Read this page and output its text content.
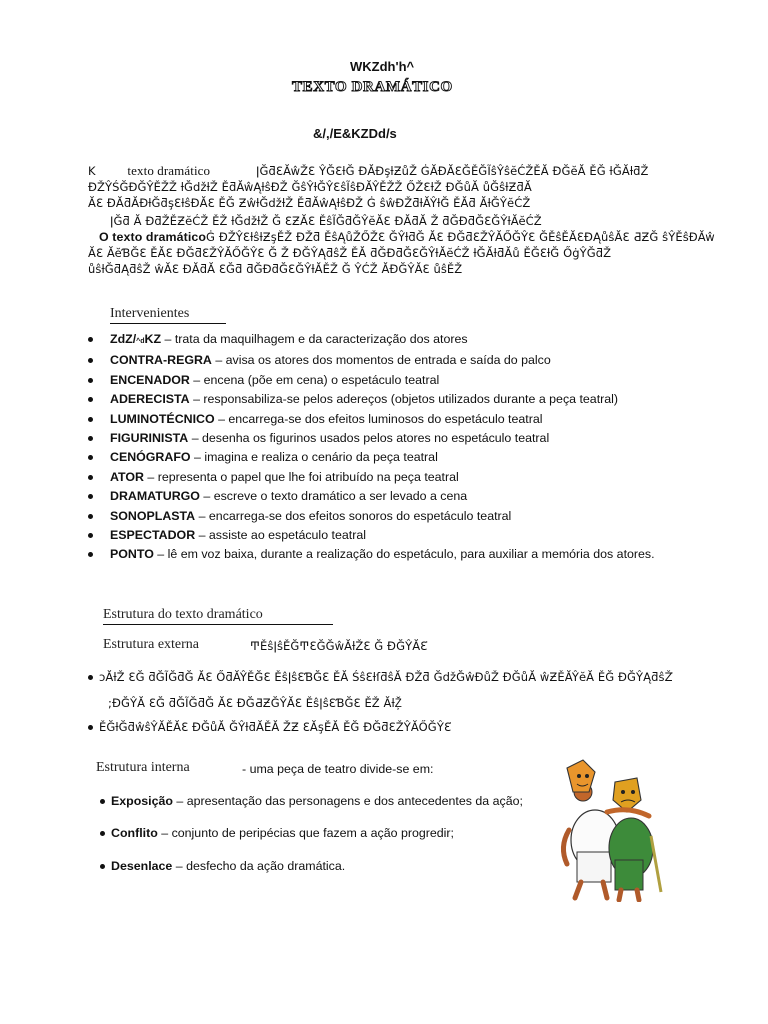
WKZdh'h^
TEXTO DRAMÁTICO
&/,/E&KZDd/s
K texto dramático	ǀĞƌƐĂŵŽƐ ŶĞƐƚĞ ĐĂƉşƚƵůŽ ĠĂƉĂƐĞĚĞĨŝŶŝĕĆŽĚĂ ƉĞĕĂ ĚĞ ƚĞĂƚƌŽ
ĐŽŶŚĞĐĞŶĚŽŽ ƚĞdžƚŽ ĚƌĂŵĄƚŝĐŽ ĞŝŶƚĞŶƐŝĨŝĐĂŶĚŽŽ ŐŽƐƚŽ ƉĞůĂ ůĞŝƚƵƌĂ
ĂƐ ĐĂƌĂĐƚĞƌşƐƚŝĐĂƐ ĚĞ ƵŵƚĞdžƚŽ ĚƌĂŵĄƚŝĐŽ Ġ ŝŵƉŽƌƚĂŶƚĞ ĚĂƌ ĂƚĞŶĕĆŽ
ǀĞƌ Ă ƉƌŽĚƵĕĆŽ ĚŽ ƚĞdžƚŽ Ğ ƐƵĂƐ ĚŝĨĞƌĞŶĕĂƐ ƉĂƌĂ Ž ƌĞƉƌĞƐĞŶƚĂĕĆŽ
O texto dramáticoĠ ĐŽŶƐƚŝƚƵşĚŽ ƉŽƌ ĚŝĄůŽŐŽƐ ĞŶƚƌĞ ĂƐ ƉĞƌƐŽŶĂŐĞŶƐ ĞĚŝĚĂƐĐĄůŝĂƐ ƋƵĞ ŝŶĚŝĐĂŵ
ĂƐ ĂĕƁĞƐ ĚĂƐ ƉĞƌƐŽŶĂŐĞŶƐ Ğ Ž ĐĞŶĄƌŝŽ ĚĂ ƌĞƉƌĞƐĞŶƚĂĕĆŽ ƚĞĂƚƌĂů ĚĞƐƚĞ ŐġŶĞƌŽ
ůŝƚĞƌĄƌŝŽ ŵĂƐ ƉĂƌĂ ƐĞƌ ƌĞƉƌĞƐĞŶƚĂĚŽ Ğ ŶĆŽ ĂƉĞŶĂƐ ůŝĚŽ
Intervenientes
ZdZ/^dKZ – trata da maquilhagem e da caracterização dos atores
CONTRA-REGRA – avisa os atores dos momentos de entrada e saída do palco
ENCENADOR – encena (põe em cena) o espetáculo teatral
ADERECISTA – responsabiliza-se pelos adereços (objetos utilizados durante a peça teatral)
LUMINOTÉCNICO – encarrega-se dos efeitos luminosos do espetáculo teatral
FIGURINISTA – desenha os figurinos usados pelos atores no espetáculo teatral
CENÓGRAFO – imagina e realiza o cenário da peça teatral
ATOR – representa o papel que lhe foi atribuído na peça teatral
DRAMATURGO – escreve o texto dramático a ser levado a cena
SONOPLASTA – encarrega-se dos efeitos sonoros do espetáculo teatral
ESPECTADOR – assiste ao espetáculo teatral
PONTO – lê em voz baixa, durante a realização do espetáculo, para auxiliar a memória dos atores.
Estrutura do texto dramático
Estrutura externa	ͲĚŝǀŝĚĞͲƐĞĞŵĂƚŽƐ Ğ ĐĞŶĂƐ͘
ͻĂƚŽ ƐĞ ƌĞĨĞƌĞ ĂƐ ŐƌĂŶĚĞƐ ĚŝǀŝƐƁĞƐ ĚĂ ŚŝƐƚſƌŝĂ ƉŽƌ ĞdžĞŵƉůŽ ƉĞůĂ ŵƵĚĂŶĕĂ ĚĞ ĐĞŶĄƌŝŽ͘
;ĐĞŶĂ ƐĞ ƌĞĨĞƌĞ ĂƐ ƉĞƋƵĞŶĂƐ ĚŝǀŝƐƁĞƐ ĚŽ ĂƚŽ͕
ĚĞƚĞƌŵŝŶĂĚĂƐ ƉĞůĂ ĞŶƚƌĂĚĂ ŽƵ ƐĂşĚĂ ĚĞ ƉĞƌƐŽŶĂŐĞŶƐ͘
Estrutura interna	- uma peça de teatro divide-se em:
Exposição – apresentação das personagens e dos antecedentes da ação;
Conflito – conjunto de peripécias que fazem a ação progredir;
Desenlace – desfecho da ação dramática.
